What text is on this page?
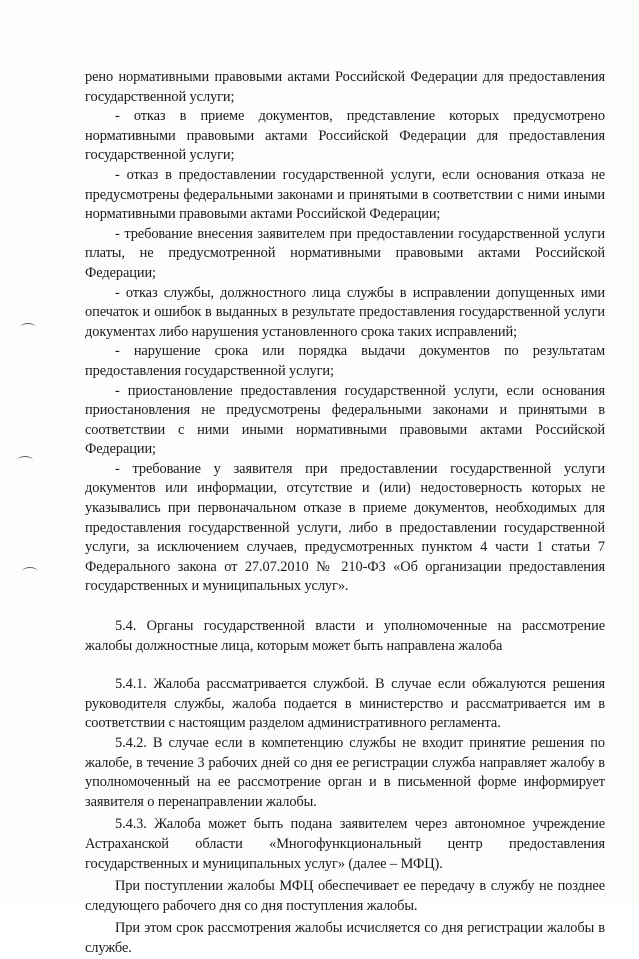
рено нормативными правовыми актами Российской Федерации для предоставления государственной услуги;

- отказ в приеме документов, представление которых предусмотрено нормативными правовыми актами Российской Федерации для предоставления государственной услуги;

- отказ в предоставлении государственной услуги, если основания отказа не предусмотрены федеральными законами и принятыми в соответствии с ними иными нормативными правовыми актами Российской Федерации;

- требование внесения заявителем при предоставлении государственной услуги платы, не предусмотренной нормативными правовыми актами Российской Федерации;

- отказ службы, должностного лица службы в исправлении допущенных ими опечаток и ошибок в выданных в результате предоставления государственной услуги документах либо нарушения установленного срока таких исправлений;

- нарушение срока или порядка выдачи документов по результатам предоставления государственной услуги;

- приостановление предоставления государственной услуги, если основания приостановления не предусмотрены федеральными законами и принятыми в соответствии с ними иными нормативными правовыми актами Российской Федерации;

- требование у заявителя при предоставлении государственной услуги документов или информации, отсутствие и (или) недостоверность которых не указывались при первоначальном отказе в приеме документов, необходимых для предоставления государственной услуги, либо в предоставлении государственной услуги, за исключением случаев, предусмотренных пунктом 4 части 1 статьи 7 Федерального закона от 27.07.2010 № 210-ФЗ «Об организации предоставления государственных и муниципальных услуг».

5.4. Органы государственной власти и уполномоченные на рассмотрение жалобы должностные лица, которым может быть направлена жалоба

5.4.1. Жалоба рассматривается службой. В случае если обжалуются решения руководителя службы, жалоба подается в министерство и рассматривается им в соответствии с настоящим разделом административного регламента.

5.4.2. В случае если в компетенцию службы не входит принятие решения по жалобе, в течение 3 рабочих дней со дня ее регистрации служба направляет жалобу в уполномоченный на ее рассмотрение орган и в письменной форме информирует заявителя о перенаправлении жалобы.

5.4.3. Жалоба может быть подана заявителем через автономное учреждение Астраханской области «Многофункциональный центр предоставления государственных и муниципальных услуг» (далее – МФЦ).

При поступлении жалобы МФЦ обеспечивает ее передачу в службу не позднее следующего рабочего дня со дня поступления жалобы.

При этом срок рассмотрения жалобы исчисляется со дня регистрации жалобы в службе.
